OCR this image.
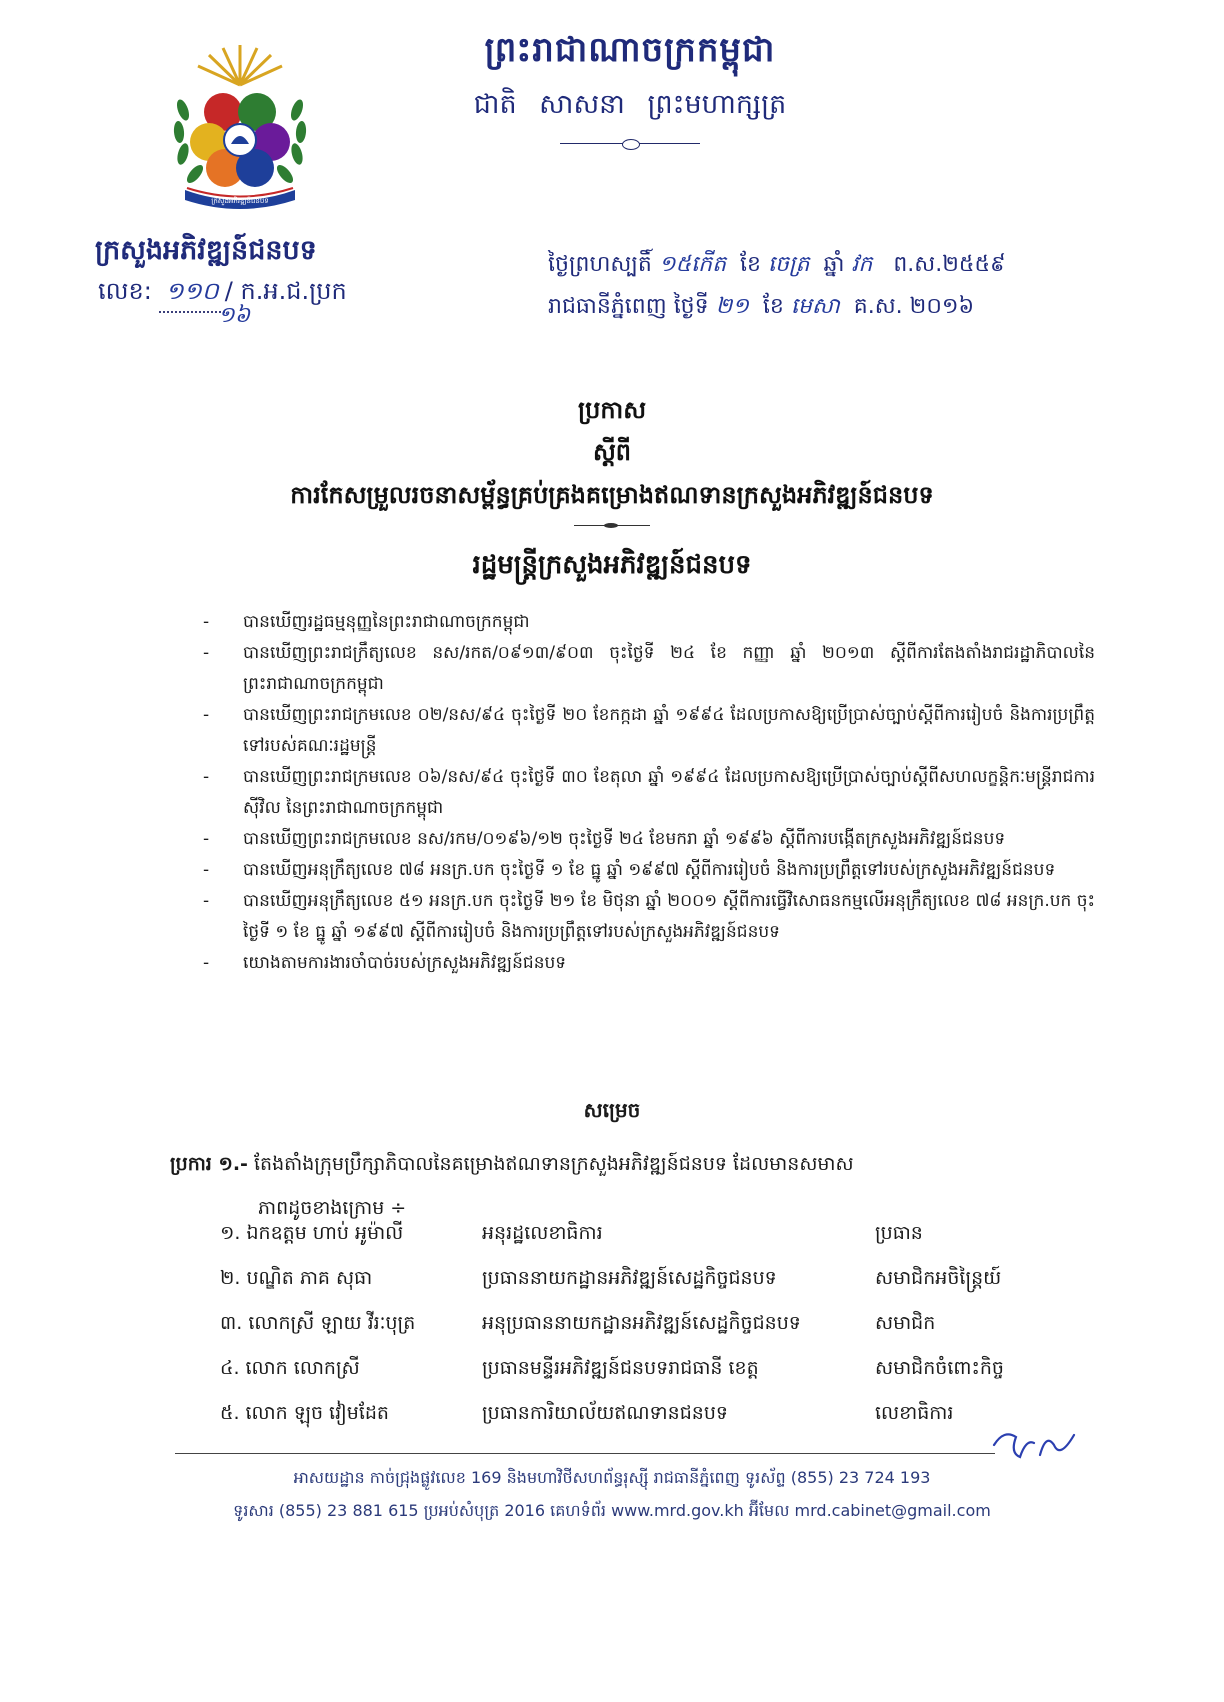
ក្រសួងអភិវឌ្ឍន៍ជនបទ
ព្រះរាជាណាចក្រកម្ពុជា
ជាតិ សាសនា ព្រះមហាក្សត្រ
ក្រសួងអភិវឌ្ឍន៍ជនបទ
លេខ: ១១០ / ក.អ.ជ.ប្រក
១៦
ថ្ងៃព្រហស្បតិ៍ ១៥កើត ខែ ចេត្រ ឆ្នាំ វក ព.ស.២៥៥៩
រាជធានីភ្នំពេញ ថ្ងៃទី ២១ ខែ មេសា គ.ស. ២០១៦
ប្រកាស
ស្តីពី
ការកែសម្រួលរចនាសម្ព័ន្ធគ្រប់គ្រងគម្រោងឥណទានក្រសួងអភិវឌ្ឍន៍ជនបទ
រដ្ឋមន្ត្រីក្រសួងអភិវឌ្ឍន៍ជនបទ
- បានឃើញរដ្ឋធម្មនុញ្ញនៃព្រះរាជាណាចក្រកម្ពុជា
- បានឃើញព្រះរាជក្រឹត្យលេខ នស/រកត/០៩១៣/៩០៣ ចុះថ្ងៃទី ២៤ ខែ កញ្ញា ឆ្នាំ ២០១៣ ស្តីពីការតែងតាំងរាជរដ្ឋាភិបាលនៃព្រះរាជាណាចក្រកម្ពុជា
- បានឃើញព្រះរាជក្រមលេខ ០២/នស/៩៤ ចុះថ្ងៃទី ២០ ខែកក្កដា ឆ្នាំ ១៩៩៤ ដែលប្រកាសឱ្យប្រើប្រាស់ច្បាប់ស្តីពីការរៀបចំ និងការប្រព្រឹត្តទៅរបស់គណៈរដ្ឋមន្ត្រី
- បានឃើញព្រះរាជក្រមលេខ ០៦/នស/៩៤ ចុះថ្ងៃទី ៣០ ខែតុលា ឆ្នាំ ១៩៩៤ ដែលប្រកាសឱ្យប្រើប្រាស់ច្បាប់ស្តីពីសហលក្ខន្តិកៈមន្ត្រីរាជការស៊ីវិល នៃព្រះរាជាណាចក្រកម្ពុជា
- បានឃើញព្រះរាជក្រមលេខ នស/រកម/០១៩៦/១២ ចុះថ្ងៃទី ២៤ ខែមករា ឆ្នាំ ១៩៩៦ ស្តីពីការបង្កើតក្រសួងអភិវឌ្ឍន៍ជនបទ
- បានឃើញអនុក្រឹត្យលេខ ៧៨ អនក្រ.បក ចុះថ្ងៃទី ១ ខែ ធ្នូ ឆ្នាំ ១៩៩៧ ស្តីពីការរៀបចំ និងការប្រព្រឹត្តទៅរបស់ក្រសួងអភិវឌ្ឍន៍ជនបទ
- បានឃើញអនុក្រឹត្យលេខ ៥១ អនក្រ.បក ចុះថ្ងៃទី ២១ ខែ មិថុនា ឆ្នាំ ២០០១ ស្តីពីការធ្វើវិសោធនកម្មលើអនុក្រឹត្យលេខ ៧៨ អនក្រ.បក ចុះថ្ងៃទី ១ ខែ ធ្នូ ឆ្នាំ ១៩៩៧ ស្តីពីការរៀបចំ និងការប្រព្រឹត្តទៅរបស់ក្រសួងអភិវឌ្ឍន៍ជនបទ
- យោងតាមការងារចាំបាច់របស់ក្រសួងអភិវឌ្ឍន៍ជនបទ
សម្រេច
ប្រការ ១.- តែងតាំងក្រុមប្រឹក្សាភិបាលនៃគម្រោងឥណទានក្រសួងអភិវឌ្ឍន៍ជនបទ ដែលមានសមាស
ភាពដូចខាងក្រោម ÷
១. ឯកឧត្តម ហាប់ អូម៉ាលី	អនុរដ្ឋលេខាធិការ	ប្រធាន
២. បណ្ឌិត ភាគ សុធា	ប្រធាននាយកដ្ឋានអភិវឌ្ឍន៍សេដ្ឋកិច្ចជនបទ	សមាជិកអចិន្ត្រៃយ៍
៣. លោកស្រី ឡាយ វីរៈបុត្រ	អនុប្រធាននាយកដ្ឋានអភិវឌ្ឍន៍សេដ្ឋកិច្ចជនបទ	សមាជិក
៤. លោក លោកស្រី	ប្រធានមន្ទីរអភិវឌ្ឍន៍ជនបទរាជធានី ខេត្ត	សមាជិកចំពោះកិច្ច
៥. លោក ឡុច វៀមដែត	ប្រធានការិយាល័យឥណទានជនបទ	លេខាធិការ
អាសយដ្ឋាន កាច់ជ្រុងផ្លូវលេខ 169 និងមហាវិថីសហព័ន្ធរុស្ស៊ី រាជធានីភ្នំពេញ ទូរស័ព្ទ (855) 23 724 193
ទូរសារ (855) 23 881 615 ប្រអប់សំបុត្រ 2016 គេហទំព័រ www.mrd.gov.kh អ៊ីមែល mrd.cabinet@gmail.com
